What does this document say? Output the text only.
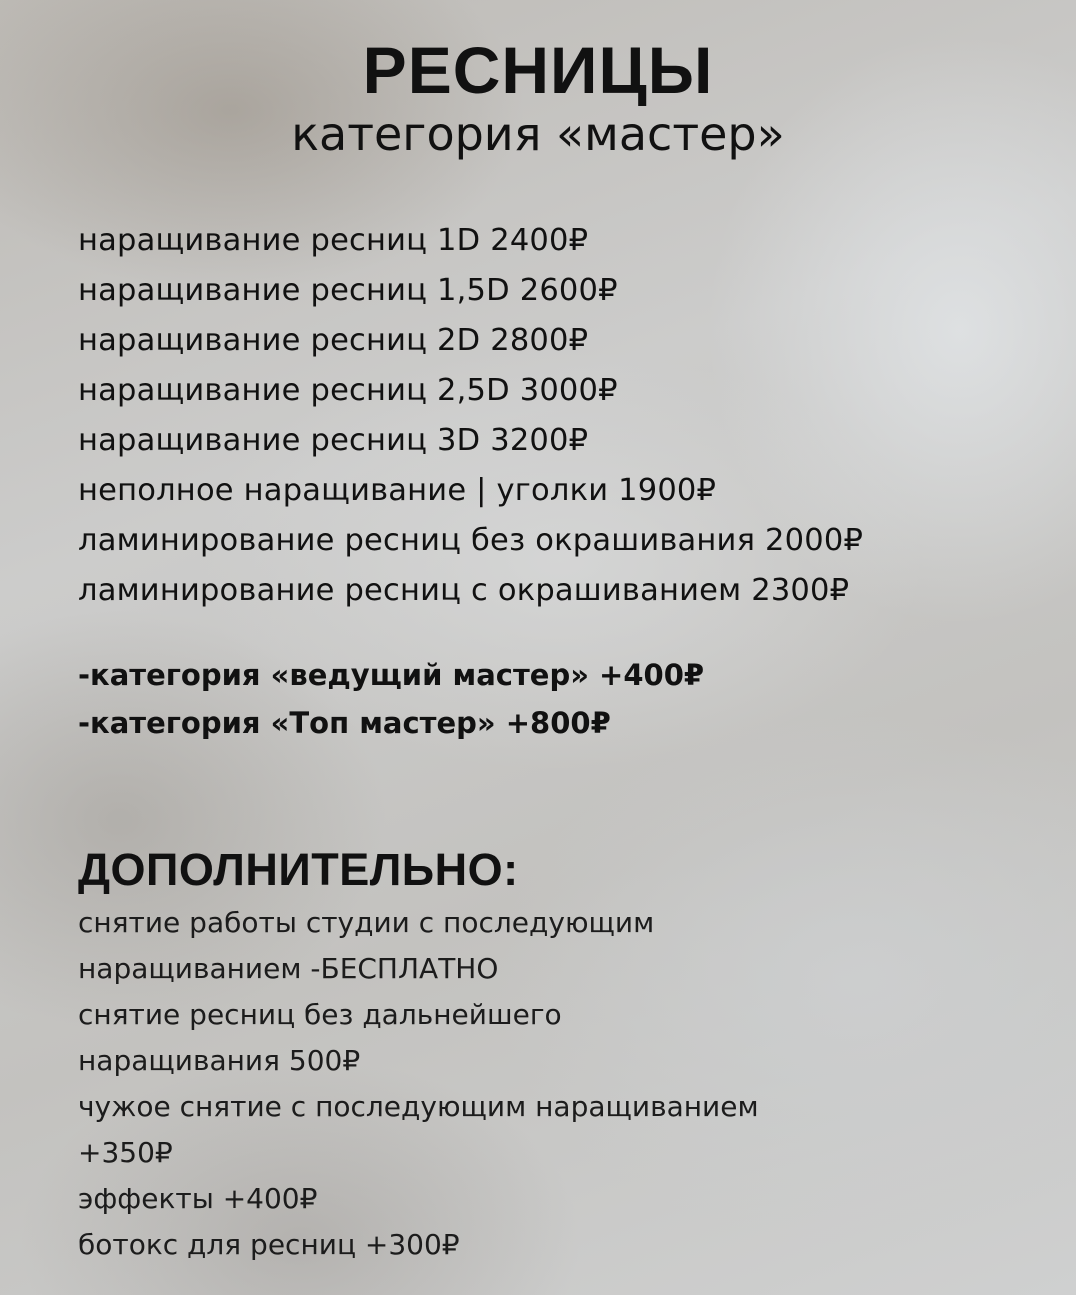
РЕСНИЦЫ

категория «мастер»

наращивание ресниц 1D 2400₽
наращивание ресниц 1,5D 2600₽
наращивание ресниц 2D 2800₽
наращивание ресниц 2,5D 3000₽
наращивание ресниц 3D 3200₽
неполное наращивание | уголки 1900₽
ламинирование ресниц без окрашивания 2000₽
ламинирование ресниц с окрашиванием 2300₽
-категория «ведущий мастер» +400₽
-категория «Топ мастер» +800₽
ДОПОЛНИТЕЛЬНО:
снятие работы студии с последующим
наращиванием -БЕСПЛАТНО
снятие ресниц без дальнейшего
наращивания 500₽
чужое снятие с последующим наращиванием
+350₽
эффекты +400₽
ботокс для ресниц +300₽
